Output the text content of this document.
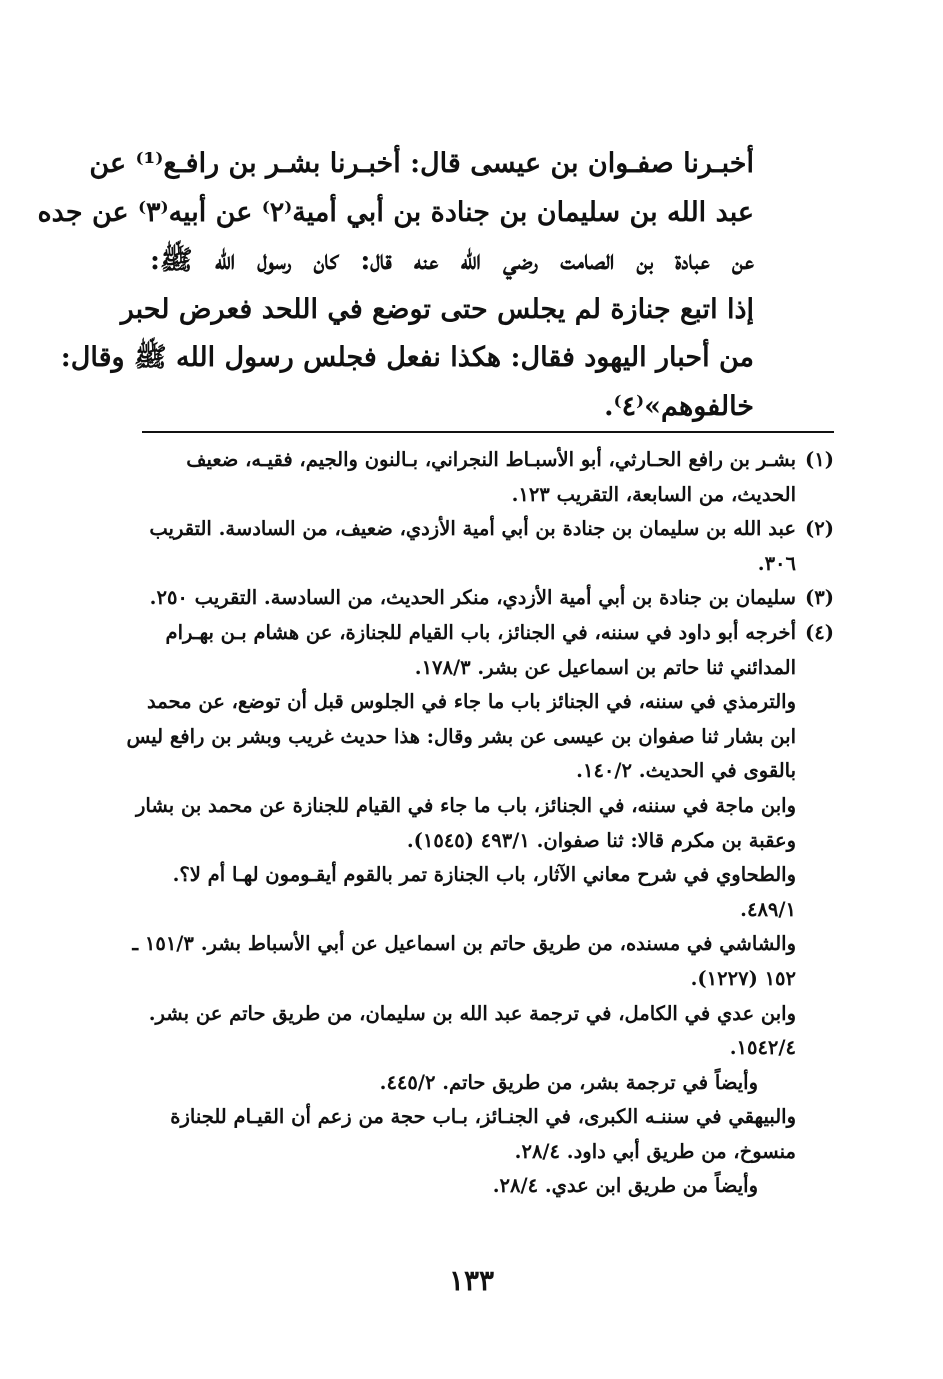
أخبـرنا صفـوان بن عيسى قال: أخبـرنا بشـر بن رافـع⁽¹⁾ عن
عبد الله بن سليمان بن جنادة بن أبي أمية⁽٢⁾ عن أبيه⁽٣⁾ عن جده
عن عبادة بن الصامت رضي الله عنه قال: كان رسول الله ﷺ:
إذا اتبع جنازة لم يجلس حتى توضع في اللحد فعرض لحبر
من أحبار اليهود فقال: هكذا نفعل فجلس رسول الله ﷺ وقال:
خالفوهم»⁽٤⁾.
(١)
بشـر بن رافع الحـارثي، أبو الأسبـاط النجراني، بـالنون والجيم، فقيـه، ضعيف
الحديث، من السابعة، التقريب ١٢٣.
(٢)
عبد الله بن سليمان بن جنادة بن أبي أمية الأزدي، ضعيف، من السادسة. التقريب
٣٠٦.
(٣)
سليمان بن جنادة بن أبي أمية الأزدي، منكر الحديث، من السادسة. التقريب ٢٥٠.
(٤)
أخرجه أبو داود في سننه، في الجنائز، باب القيام للجنازة، عن هشام بـن بهـرام
المدائني ثنا حاتم بن اسماعيل عن بشر. ١٧٨/٣.
والترمذي في سننه، في الجنائز باب ما جاء في الجلوس قبل أن توضع، عن محمد
ابن بشار ثنا صفوان بن عيسى عن بشر وقال: هذا حديث غريب وبشر بن رافع ليس
بالقوى في الحديث. ١٤٠/٢.
وابن ماجة في سننه، في الجنائز، باب ما جاء في القيام للجنازة عن محمد بن بشار
وعقبة بن مكرم قالا: ثنا صفوان. ٤٩٣/١ (١٥٤٥).
والطحاوي في شرح معاني الآثار، باب الجنازة تمر بالقوم أيقـومون لهـا أم لا؟.
٤٨٩/١.
والشاشي في مسنده، من طريق حاتم بن اسماعيل عن أبي الأسباط بشر. ١٥١/٣ ـ
١٥٢ (١٢٢٧).
وابن عدي في الكامل، في ترجمة عبد الله بن سليمان، من طريق حاتم عن بشر.
١٥٤٢/٤.
وأيضاً في ترجمة بشر، من طريق حاتم. ٤٤٥/٢.
والبيهقي في سننـه الكبرى، في الجنـائز، بـاب حجة من زعم أن القيـام للجنازة
منسوخ، من طريق أبي داود. ٢٨/٤.
وأيضاً من طريق ابن عدي. ٢٨/٤.
١٣٣
